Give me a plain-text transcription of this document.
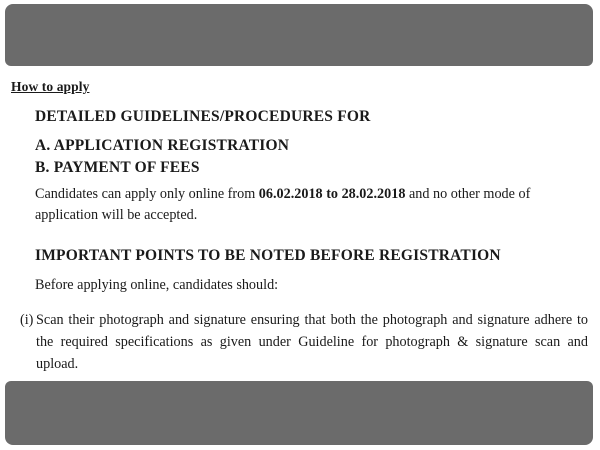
How to apply
DETAILED GUIDELINES/PROCEDURES FOR
A. APPLICATION REGISTRATION
B. PAYMENT OF FEES
Candidates can apply only online from 06.02.2018 to 28.02.2018 and no other mode of application will be accepted.
IMPORTANT POINTS TO BE NOTED BEFORE REGISTRATION
Before applying online, candidates should:
(i) Scan their photograph and signature ensuring that both the photograph and signature adhere to the required specifications as given under Guideline for photograph & signature scan and upload.
